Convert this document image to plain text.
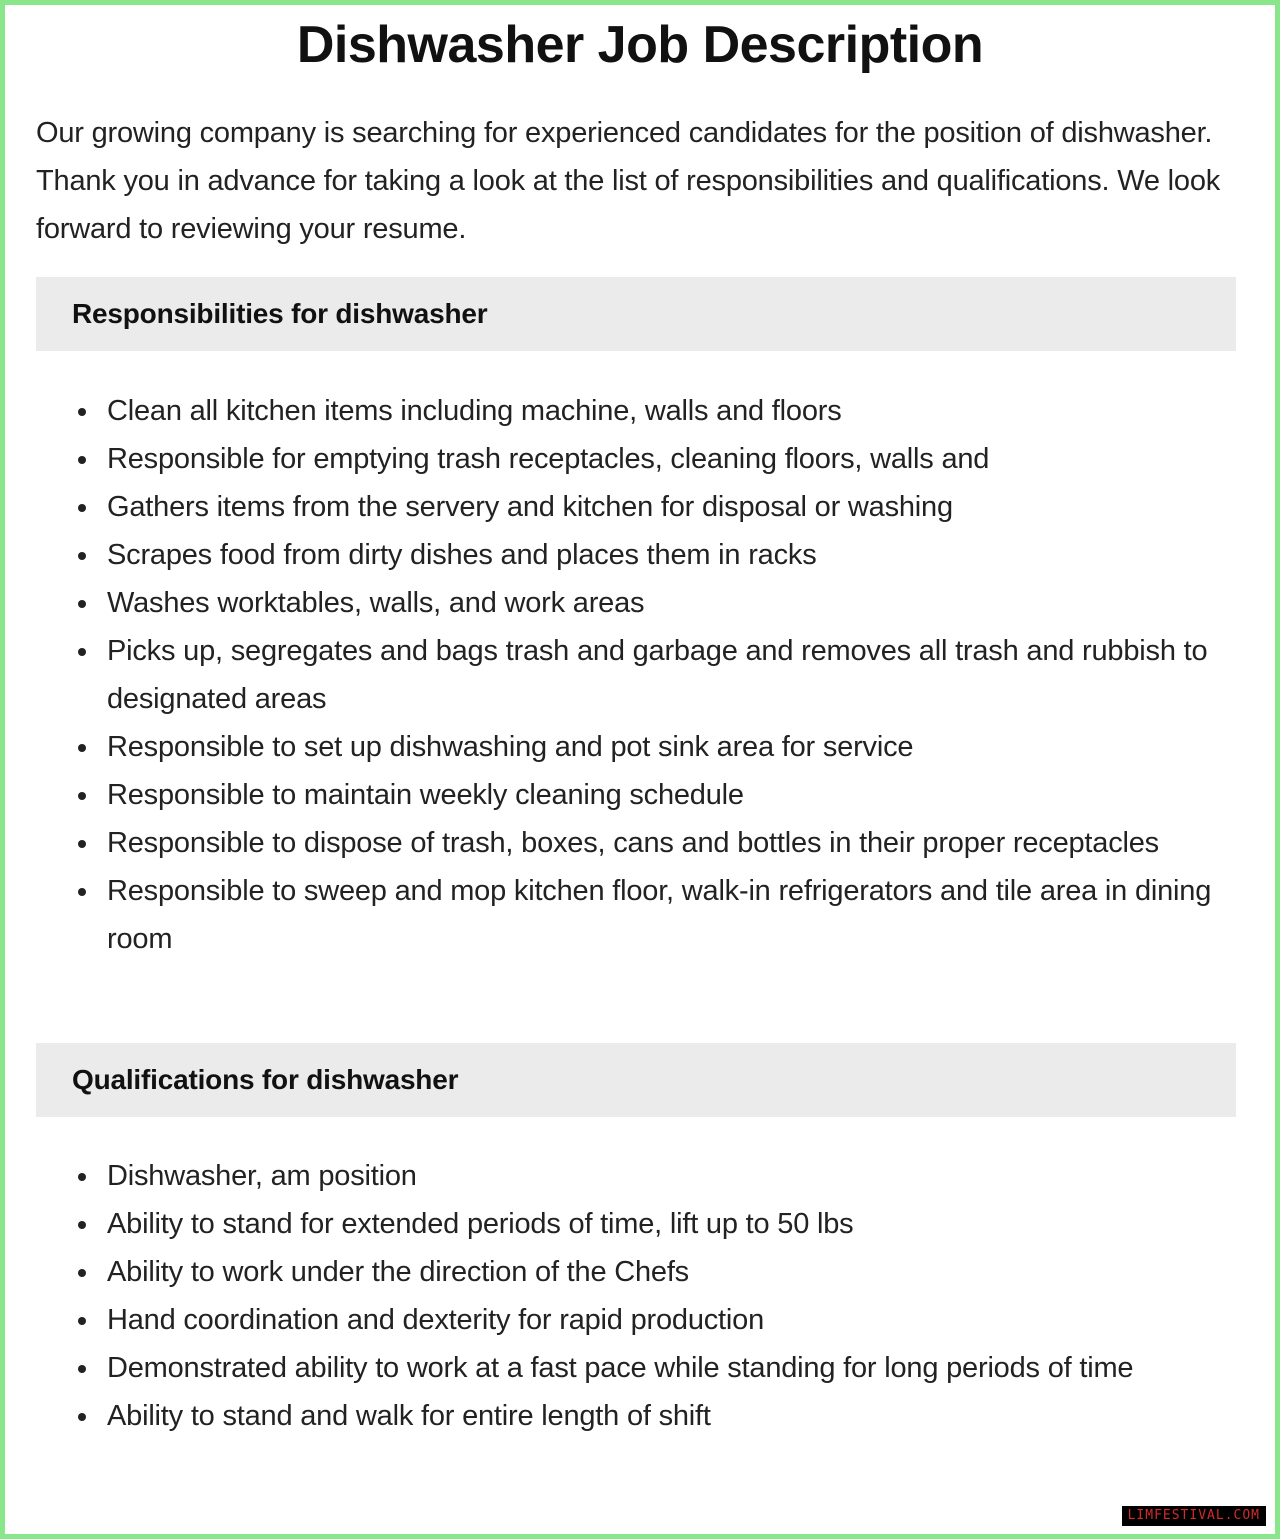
Dishwasher Job Description

Our growing company is searching for experienced candidates for the position of dishwasher. Thank you in advance for taking a look at the list of responsibilities and qualifications. We look forward to reviewing your resume.

Responsibilities for dishwasher
Clean all kitchen items including machine, walls and floors
Responsible for emptying trash receptacles, cleaning floors, walls and
Gathers items from the servery and kitchen for disposal or washing
Scrapes food from dirty dishes and places them in racks
Washes worktables, walls, and work areas
Picks up, segregates and bags trash and garbage and removes all trash and rubbish to designated areas
Responsible to set up dishwashing and pot sink area for service
Responsible to maintain weekly cleaning schedule
Responsible to dispose of trash, boxes, cans and bottles in their proper receptacles
Responsible to sweep and mop kitchen floor, walk-in refrigerators and tile area in dining room
Qualifications for dishwasher
Dishwasher, am position
Ability to stand for extended periods of time, lift up to 50 lbs
Ability to work under the direction of the Chefs
Hand coordination and dexterity for rapid production
Demonstrated ability to work at a fast pace while standing for long periods of time
Ability to stand and walk for entire length of shift
LIMFESTIVAL.COM
